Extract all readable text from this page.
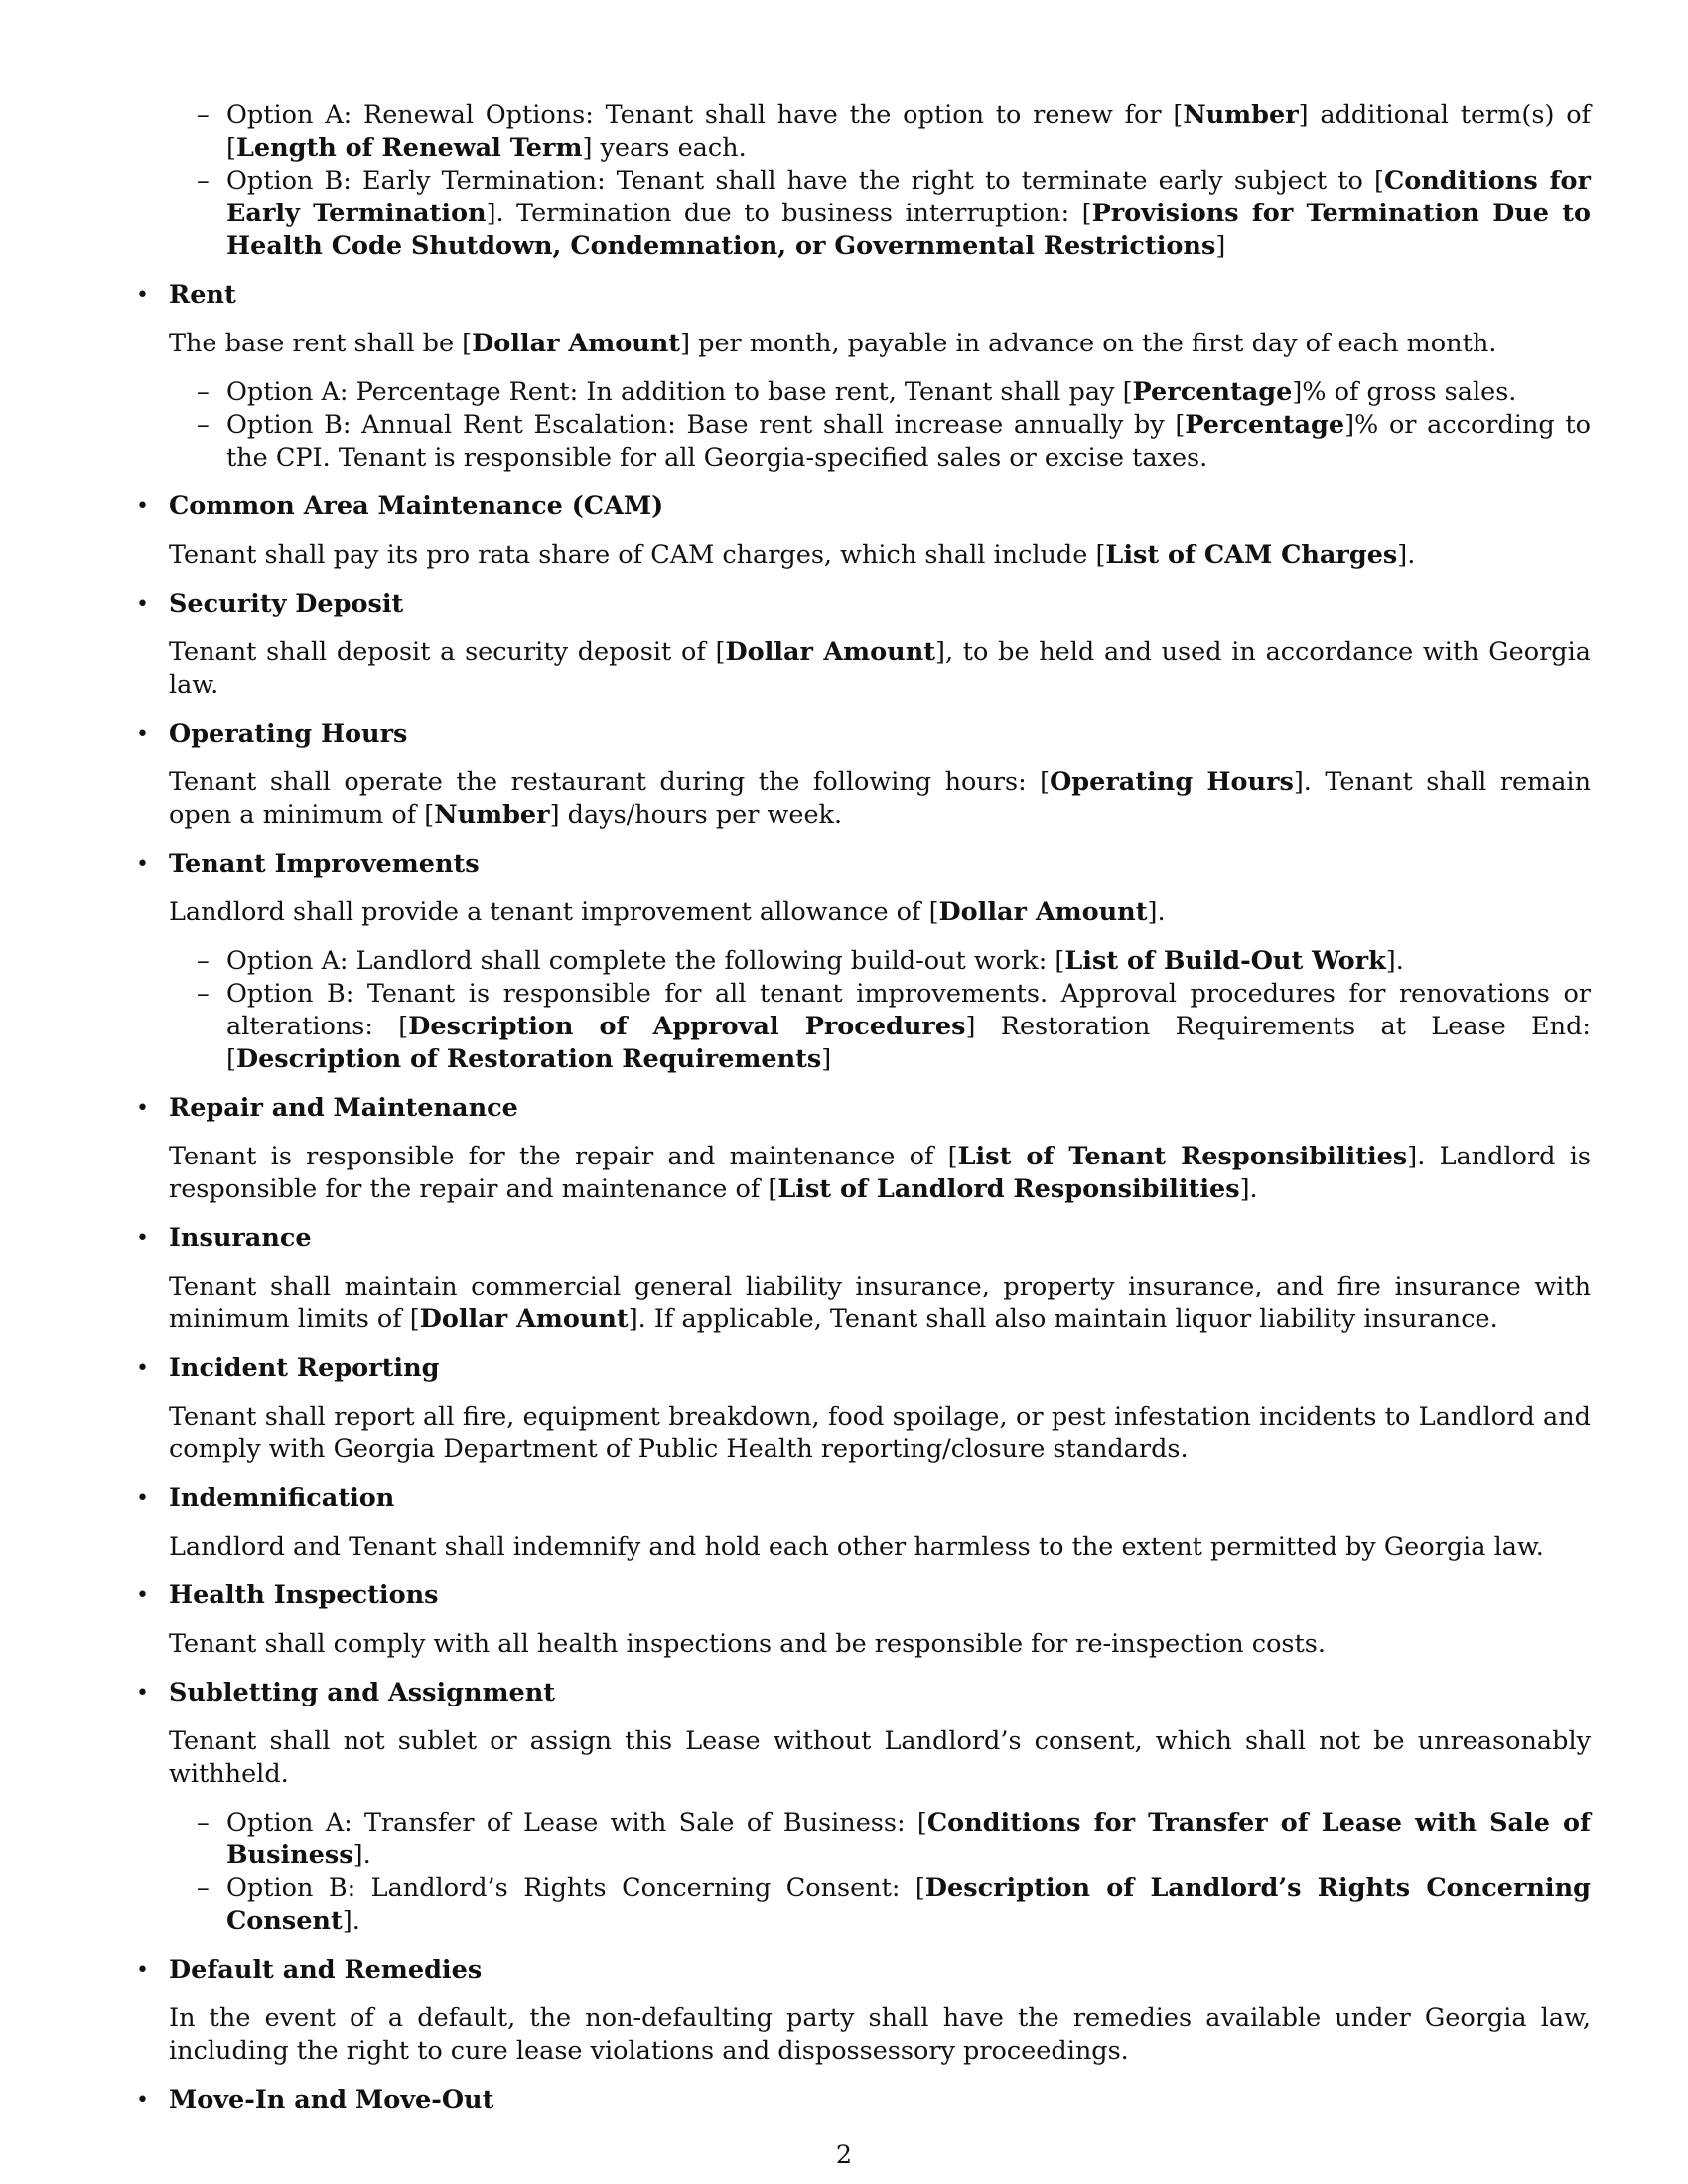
– Option A: Renewal Options: Tenant shall have the option to renew for [Number] additional term(s) of [Length of Renewal Term] years each.
– Option B: Early Termination: Tenant shall have the right to terminate early subject to [Conditions for Early Termination]. Termination due to business interruption: [Provisions for Termination Due to Health Code Shutdown, Condemnation, or Governmental Restrictions]
• Rent
The base rent shall be [Dollar Amount] per month, payable in advance on the first day of each month.
– Option A: Percentage Rent: In addition to base rent, Tenant shall pay [Percentage]% of gross sales.
– Option B: Annual Rent Escalation: Base rent shall increase annually by [Percentage]% or according to the CPI. Tenant is responsible for all Georgia-specified sales or excise taxes.
• Common Area Maintenance (CAM)
Tenant shall pay its pro rata share of CAM charges, which shall include [List of CAM Charges].
• Security Deposit
Tenant shall deposit a security deposit of [Dollar Amount], to be held and used in accordance with Georgia law.
• Operating Hours
Tenant shall operate the restaurant during the following hours: [Operating Hours]. Tenant shall remain open a minimum of [Number] days/hours per week.
• Tenant Improvements
Landlord shall provide a tenant improvement allowance of [Dollar Amount].
– Option A: Landlord shall complete the following build-out work: [List of Build-Out Work].
– Option B: Tenant is responsible for all tenant improvements. Approval procedures for renovations or alterations: [Description of Approval Procedures] Restoration Requirements at Lease End: [Description of Restoration Requirements]
• Repair and Maintenance
Tenant is responsible for the repair and maintenance of [List of Tenant Responsibilities]. Landlord is responsible for the repair and maintenance of [List of Landlord Responsibilities].
• Insurance
Tenant shall maintain commercial general liability insurance, property insurance, and fire insurance with minimum limits of [Dollar Amount]. If applicable, Tenant shall also maintain liquor liability insurance.
• Incident Reporting
Tenant shall report all fire, equipment breakdown, food spoilage, or pest infestation incidents to Landlord and comply with Georgia Department of Public Health reporting/closure standards.
• Indemnification
Landlord and Tenant shall indemnify and hold each other harmless to the extent permitted by Georgia law.
• Health Inspections
Tenant shall comply with all health inspections and be responsible for re-inspection costs.
• Subletting and Assignment
Tenant shall not sublet or assign this Lease without Landlord’s consent, which shall not be unreasonably withheld.
– Option A: Transfer of Lease with Sale of Business: [Conditions for Transfer of Lease with Sale of Business].
– Option B: Landlord’s Rights Concerning Consent: [Description of Landlord’s Rights Concerning Consent].
• Default and Remedies
In the event of a default, the non-defaulting party shall have the remedies available under Georgia law, including the right to cure lease violations and dispossessory proceedings.
• Move-In and Move-Out
2
